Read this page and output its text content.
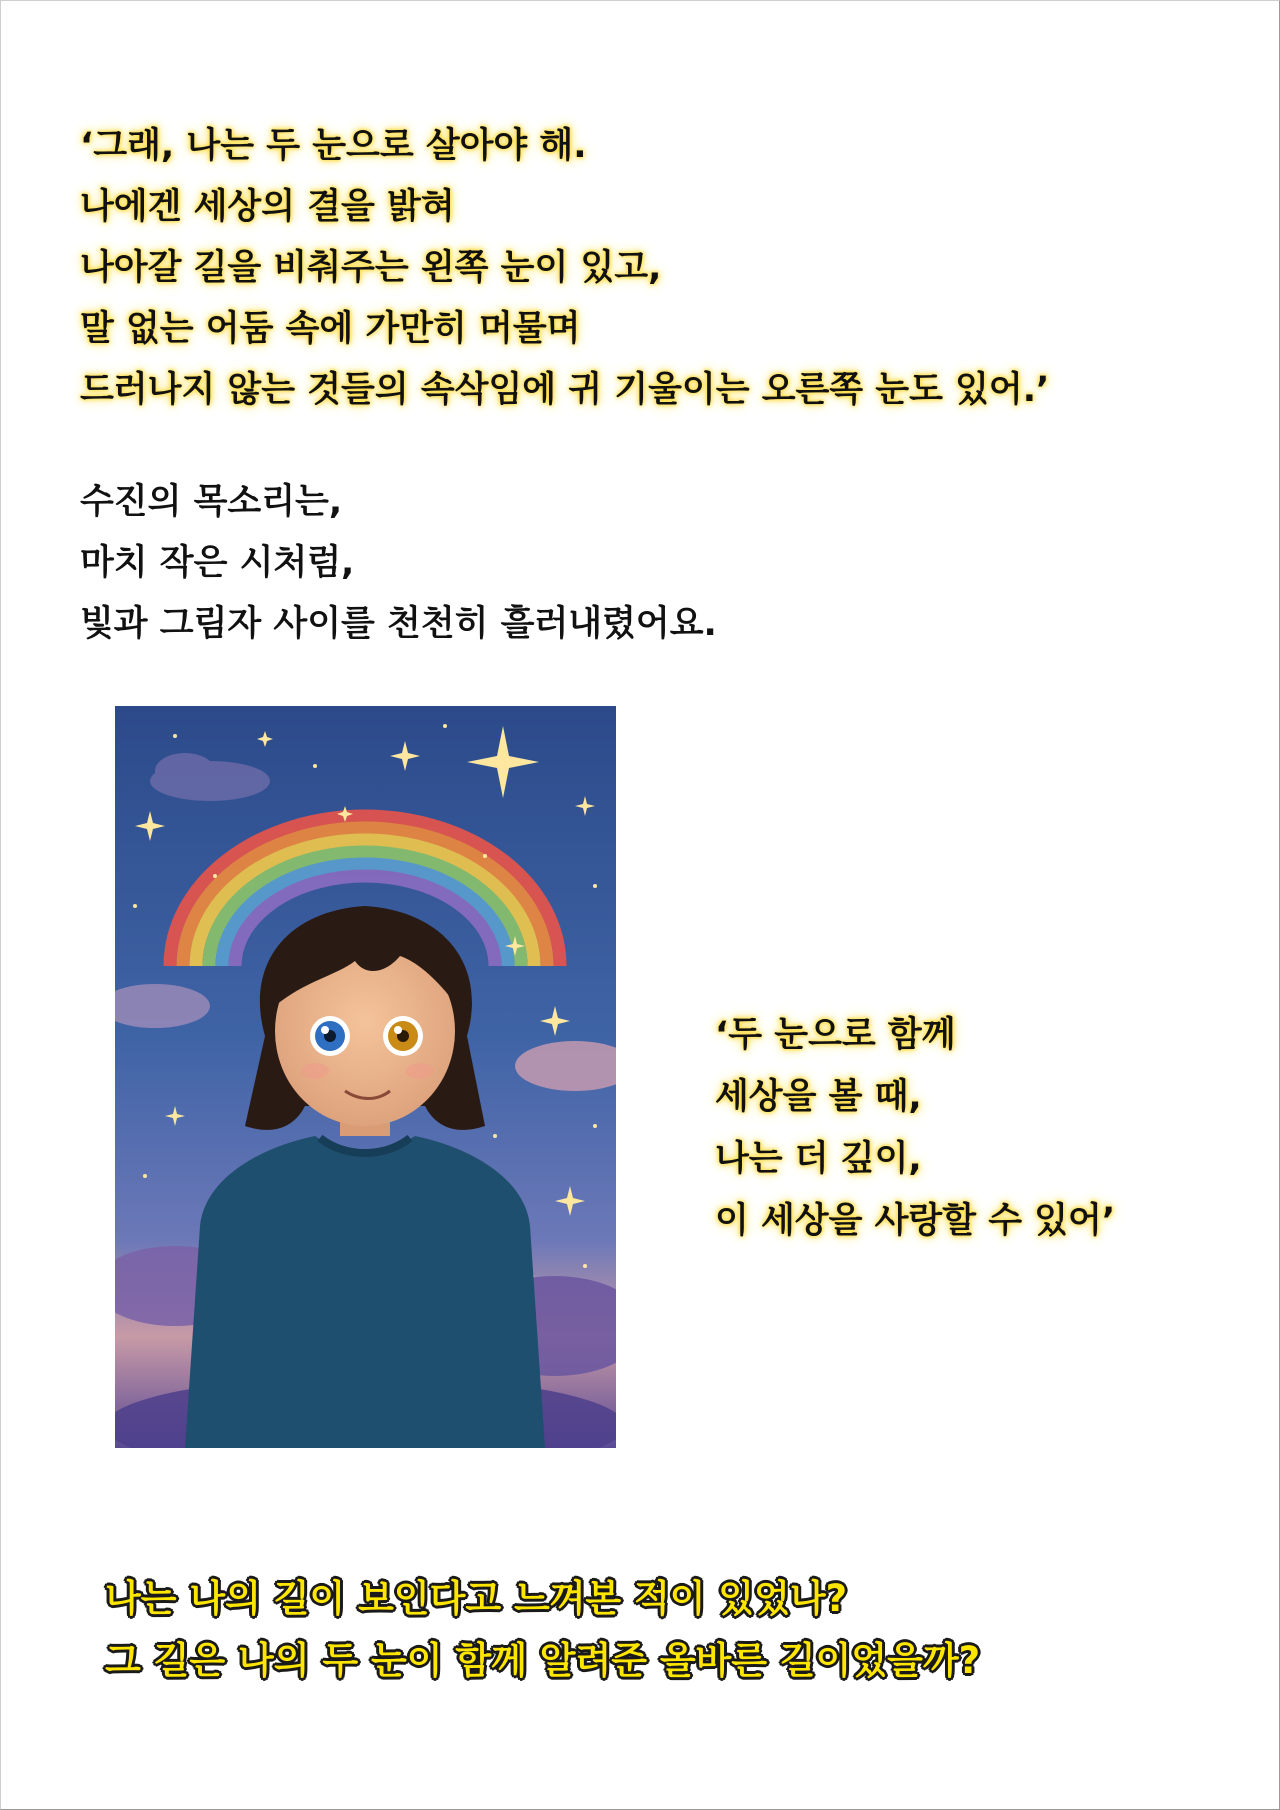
‘그래, 나는 두 눈으로 살아야 해.
나에겐 세상의 결을 밝혀
나아갈 길을 비춰주는 왼쪽 눈이 있고,
말 없는 어둠 속에 가만히 머물며
드러나지 않는 것들의 속삭임에 귀 기울이는 오른쪽 눈도 있어.’
수진의 목소리는,
마치 작은 시처럼,
빛과 그림자 사이를 천천히 흘러내렸어요.
‘두 눈으로 함께
세상을 볼 때,
나는 더 깊이,
이 세상을 사랑할 수 있어’
나는 나의 길이 보인다고 느껴본 적이 있었나?
그 길은 나의 두 눈이 함께 알려준 올바른 길이었을까?
